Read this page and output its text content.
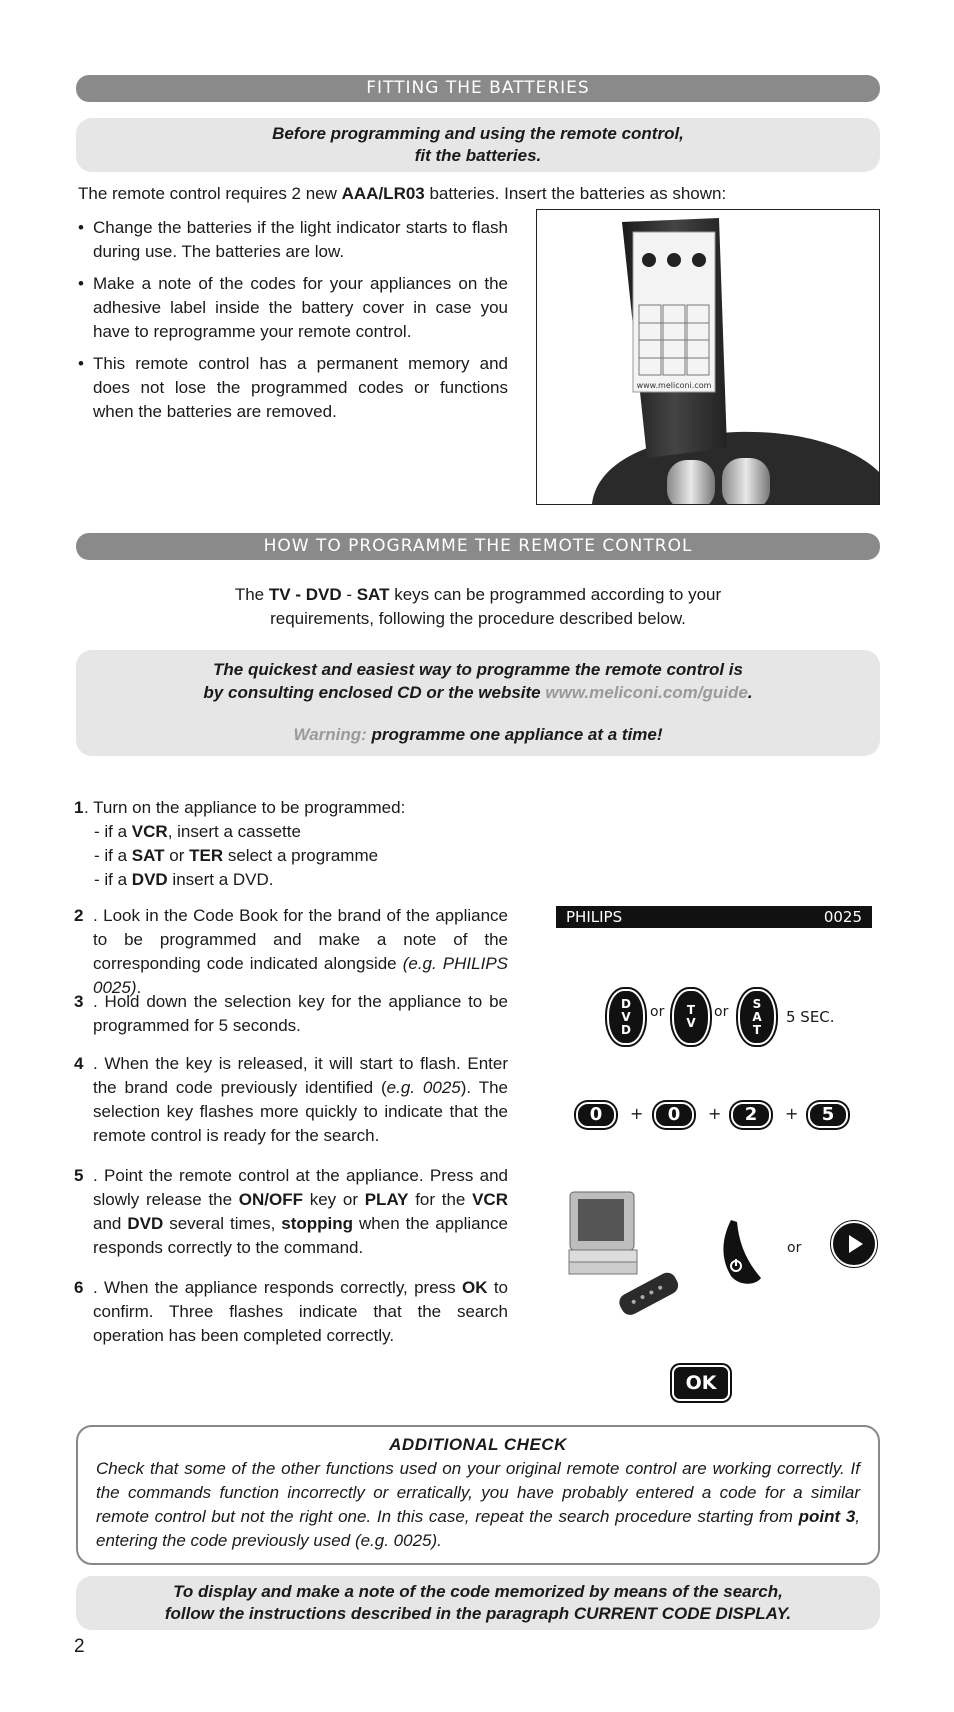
FITTING THE BATTERIES
Before programming and using the remote control,
fit the batteries.
The remote control requires 2 new AAA/LR03 batteries. Insert the batteries as shown:
• Change the batteries if the light indicator starts to flash during use. The batteries are low.
• Make a note of the codes for your appliances on the adhesive label inside the battery cover in case you have to reprogramme your remote control.
• This remote control has a permanent memory and does not lose the programmed codes or functions when the batteries are removed.
www.meliconi.com
HOW TO PROGRAMME THE REMOTE CONTROL
The TV - DVD - SAT keys can be programmed according to your
requirements, following the procedure described below.
The quickest and easiest way to programme the remote control is
by consulting enclosed CD or the website www.meliconi.com/guide.
Warning: programme one appliance at a time!
1 . Turn on the appliance to be programmed:
- if a VCR, insert a cassette
- if a SAT or TER select a programme
- if a DVD insert a DVD.
2 . Look in the Code Book for the brand of the appliance to be programmed and make a note of the corresponding code indicated alongside (e.g. PHILIPS 0025).
3 . Hold down the selection key for the appliance to be programmed for 5 seconds.
4 . When the key is released, it will start to flash. Enter the brand code previously identified (e.g. 0025). The selection key flashes more quickly to indicate that the remote control is ready for the search.
5 . Point the remote control at the appliance. Press and slowly release the ON/OFF key or PLAY for the VCR and DVD several times, stopping when the appliance responds correctly to the command.
6 . When the appliance responds correctly, press OK to confirm. Three flashes indicate that the search operation has been completed correctly.
PHILIPS	0025
D
V
D
or	T
V
or
S
A
T
5 SEC.
0	+	0	+	2	+	5
or
OK
ADDITIONAL CHECK
Check that some of the other functions used on your original remote control are working correctly. If the commands function incorrectly or erratically, you have probably entered a code for a similar remote control but not the right one. In this case, repeat the search procedure starting from point 3, entering the code previously used (e.g. 0025).
To display and make a note of the code memorized by means of the search,
follow the instructions described in the paragraph CURRENT CODE DISPLAY.
2
